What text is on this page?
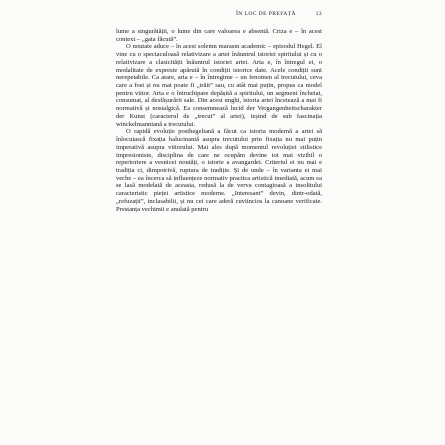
ÎN LOC DE PREFAȚĂ	13

lume a singurătății, o lume din care valoarea e absentă. Criza e – în acest context – „gata făcută”.

O noutate aduce – în acest solemn marasm academic – episodul Hegel. El vine cu o spectaculoasă relativizare a artei înăuntrul istoriei spiritului și cu o relativizare a clasicității înăuntrul istoriei artei. Arta e, în întregul ei, o modalitate de expresie apărută în condiții istorice date. Acele condiții sunt nerepetabile. Ca atare, arta e – în întregime – un fenomen al trecutului, ceva care a fost și nu mai poate fi „trăit” sau, cu atât mai puțin, propus ca model pentru viitor. Arta e o întruchipare depășită a spiritului, un segment încheiat, consumat, al desfășurării sale. Din acest unghi, istoria artei încetează a mai fi normativă și nostalgică. Ea consemnează lucid der Vergangenheitscharakter der Kunst (caracterul de „trecut” al artei), ieșind de sub fascinația winckelmanniană a trecutului.

O rapidă evoluție posthegeliană a făcut ca istoria modernă a artei să înlocuiască fixația halucinantă asupra trecutului prin fixația nu mai puțin imperativă asupra viitorului. Mai ales după momentul revoluției stilistice impresioniste, disciplina de care ne ocupăm devine tot mai vizibil o repertoriere a vesnicei noutăți, o istorie a avangardei. Criteriul ei nu mai e tradiția ci, dimpotrivă, ruptura de tradiție. Și de unde – în varianta ei mai veche – ea încerca să influențeze normativ practica artistică imediată, acum ea se lasă modelată de aceasta, redusă la de verva contagioasă a insolitului caracteristic pieței artistice moderne. „Interesant” devin, dintr-odată, „refuzații”, inclasabilii, și nu cei care aderă cuviincios la canoane verificate. Prestanța vechimii e anulată pentru
